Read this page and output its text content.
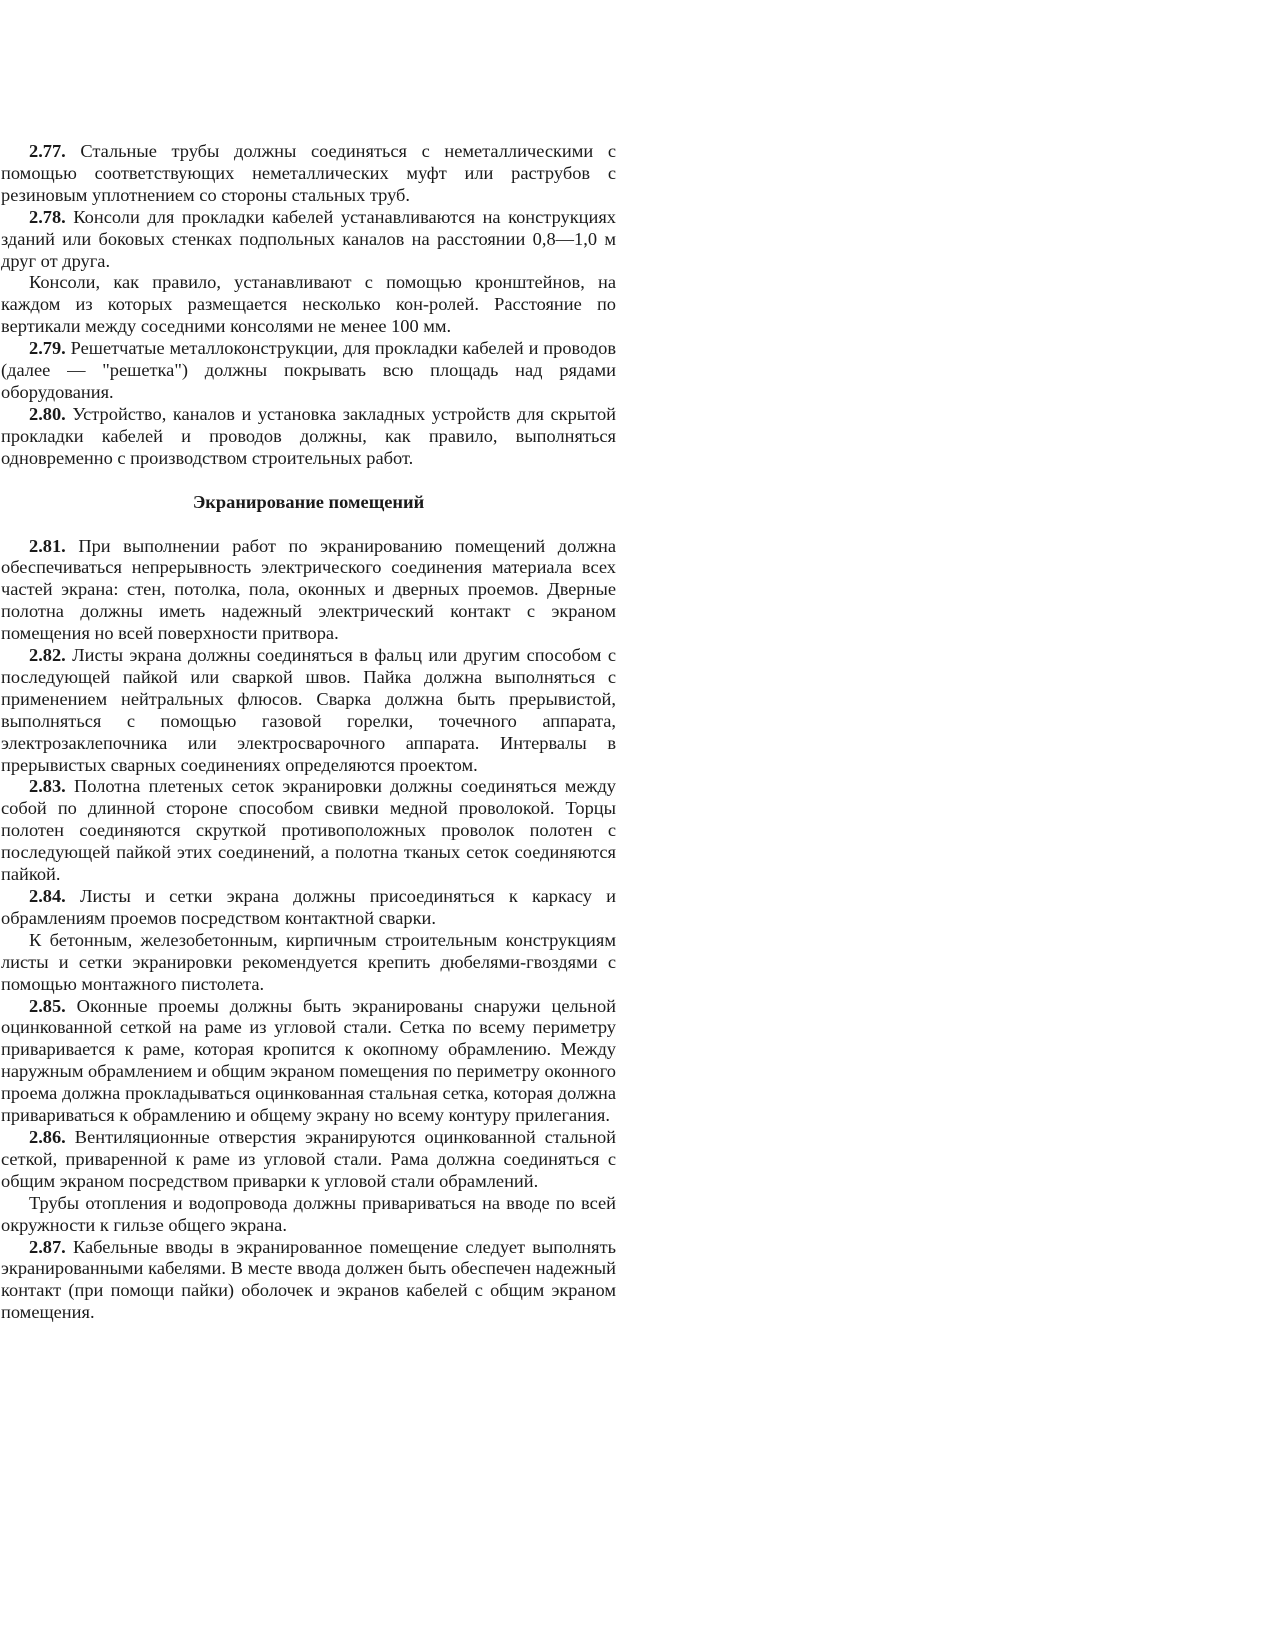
2.77. Стальные трубы должны соединяться с неметаллическими с помощью соответствующих неметаллических муфт или раструбов с резиновым уплотнением со стороны стальных труб.

2.78. Консоли для прокладки кабелей устанавливаются на конструкциях зданий или боковых стенках подпольных каналов на расстоянии 0,8—1,0 м друг от друга.

Консоли, как правило, устанавливают с помощью кронштейнов, на каждом из которых размещается несколько кон-ролей. Расстояние по вертикали между соседними консолями не менее 100 мм.

2.79. Решетчатые металлоконструкции, для прокладки кабелей и проводов (далее — "решетка") должны покрывать всю площадь над рядами оборудования.

2.80. Устройство, каналов и установка закладных устройств для скрытой прокладки кабелей и проводов должны, как правило, выполняться одновременно с производством строительных работ.

Экранирование помещений

2.81. При выполнении работ по экранированию помещений должна обеспечиваться непрерывность электрического соединения материала всех частей экрана: стен, потолка, пола, оконных и дверных проемов. Дверные полотна должны иметь надежный электрический контакт с экраном помещения но всей поверхности притвора.

2.82. Листы экрана должны соединяться в фальц или другим способом с последующей пайкой или сваркой швов. Пайка должна выполняться с применением нейтральных флюсов. Сварка должна быть прерывистой, выполняться с помощью газовой горелки, точечного аппарата, электрозаклепочника или электросварочного аппарата. Интервалы в прерывистых сварных соединениях определяются проектом.

2.83. Полотна плетеных сеток экранировки должны соединяться между собой по длинной стороне способом свивки медной проволокой. Торцы полотен соединяются скруткой противоположных проволок полотен с последующей пайкой этих соединений, а полотна тканых сеток соединяются пайкой.

2.84. Листы и сетки экрана должны присоединяться к каркасу и обрамлениям проемов посредством контактной сварки.

К бетонным, железобетонным, кирпичным строительным конструкциям листы и сетки экранировки рекомендуется крепить дюбелями-гвоздями с помощью монтажного пистолета.

2.85. Оконные проемы должны быть экранированы снаружи цельной оцинкованной сеткой на раме из угловой стали. Сетка по всему периметру приваривается к раме, которая кропится к окопному обрамлению. Между наружным обрамлением и общим экраном помещения по периметру оконного проема должна прокладываться оцинкованная стальная сетка, которая должна привариваться к обрамлению и общему экрану но всему контуру прилегания.

2.86. Вентиляционные отверстия экранируются оцинкованной стальной сеткой, приваренной к раме из угловой стали. Рама должна соединяться с общим экраном посредством приварки к угловой стали обрамлений.

Трубы отопления и водопровода должны привариваться на вводе по всей окружности к гильзе общего экрана.

2.87. Кабельные вводы в экранированное помещение следует выполнять экранированными кабелями. В месте ввода должен быть обеспечен надежный контакт (при помощи пайки) оболочек и экранов кабелей с общим экраном помещения.
